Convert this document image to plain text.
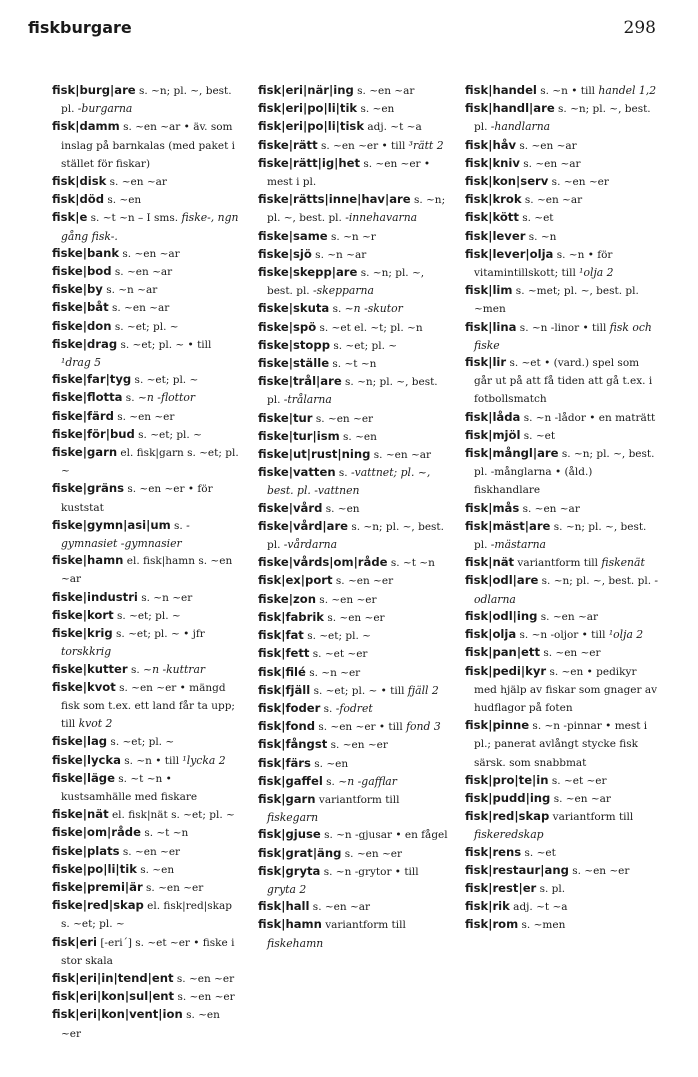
fiskburgare	298

fisk|burg|are s. ~n; pl. ~, best. pl. -burgarna

fisk|damm s. ~en ~ar • äv. som inslag på barnkalas (med paket i stället för fiskar)

fisk|disk s. ~en ~ar

fisk|död s. ~en

fisk|e s. ~t ~n – I sms. fiske-, ngn gång fisk-.

fiske|bank s. ~en ~ar

fiske|bod s. ~en ~ar

fiske|by s. ~n ~ar

fiske|båt s. ~en ~ar

fiske|don s. ~et; pl. ~

fiske|drag s. ~et; pl. ~ • till ¹drag 5

fiske|far|tyg s. ~et; pl. ~

fiske|flotta s. ~n -flottor

fiske|färd s. ~en ~er

fiske|för|bud s. ~et; pl. ~

fiske|garn el. fisk|garn s. ~et; pl. ~

fiske|gräns s. ~en ~er • för kuststat

fiske|gymn|asi|um s. -gymnasiet -gymnasier

fiske|hamn el. fisk|hamn s. ~en ~ar

fiske|industri s. ~n ~er

fiske|kort s. ~et; pl. ~

fiske|krig s. ~et; pl. ~ • jfr torskkrig

fiske|kutter s. ~n -kuttrar

fiske|kvot s. ~en ~er • mängd fisk som t.ex. ett land får ta upp; till kvot 2

fiske|lag s. ~et; pl. ~

fiske|lycka s. ~n • till ¹lycka 2

fiske|läge s. ~t ~n • kustsamhälle med fiskare

fiske|nät el. fisk|nät s. ~et; pl. ~

fiske|om|råde s. ~t ~n

fiske|plats s. ~en ~er

fiske|po|li|tik s. ~en

fiske|premi|är s. ~en ~er

fiske|red|skap el. fisk|red|skap s. ~et; pl. ~

fisk|eri [-eri´] s. ~et ~er • fiske i stor skala

fisk|eri|in|tend|ent s. ~en ~er

fisk|eri|kon|sul|ent s. ~en ~er

fisk|eri|kon|vent|ion s. ~en ~er

fisk|eri|när|ing s. ~en ~ar

fisk|eri|po|li|tik s. ~en

fisk|eri|po|li|tisk adj. ~t ~a

fiske|rätt s. ~en ~er • till ³rätt 2

fiske|rätt|ig|het s. ~en ~er • mest i pl.

fiske|rätts|inne|hav|are s. ~n; pl. ~, best. pl. -innehavarna

fiske|same s. ~n ~r

fiske|sjö s. ~n ~ar

fiske|skepp|are s. ~n; pl. ~, best. pl. -skepparna

fiske|skuta s. ~n -skutor

fiske|spö s. ~et el. ~t; pl. ~n

fiske|stopp s. ~et; pl. ~

fiske|ställe s. ~t ~n

fiske|trål|are s. ~n; pl. ~, best. pl. -trålarna

fiske|tur s. ~en ~er

fiske|tur|ism s. ~en

fiske|ut|rust|ning s. ~en ~ar

fiske|vatten s. -vattnet; pl. ~, best. pl. -vattnen

fiske|vård s. ~en

fiske|vård|are s. ~n; pl. ~, best. pl. -vårdarna

fiske|vårds|om|råde s. ~t ~n

fisk|ex|port s. ~en ~er

fiske|zon s. ~en ~er

fisk|fabrik s. ~en ~er

fisk|fat s. ~et; pl. ~

fisk|fett s. ~et ~er

fisk|filé s. ~n ~er

fisk|fjäll s. ~et; pl. ~ • till fjäll 2

fisk|foder s. -fodret

fisk|fond s. ~en ~er • till fond 3

fisk|fångst s. ~en ~er

fisk|färs s. ~en

fisk|gaffel s. ~n -gafflar

fisk|garn variantform till fiskegarn

fisk|gjuse s. ~n -gjusar • en fågel

fisk|grat|äng s. ~en ~er

fisk|gryta s. ~n -grytor • till gryta 2

fisk|hall s. ~en ~ar

fisk|hamn variantform till fiskehamn

fisk|handel s. ~n • till handel 1,2

fisk|handl|are s. ~n; pl. ~, best. pl. -handlarna

fisk|håv s. ~en ~ar

fisk|kniv s. ~en ~ar

fisk|kon|serv s. ~en ~er

fisk|krok s. ~en ~ar

fisk|kött s. ~et

fisk|lever s. ~n

fisk|lever|olja s. ~n • för vitamintillskott; till ¹olja 2

fisk|lim s. ~met; pl. ~, best. pl. ~men

fisk|lina s. ~n -linor • till fisk och fiske

fisk|lir s. ~et • (vard.) spel som går ut på att få tiden att gå t.ex. i fotbollsmatch

fisk|låda s. ~n -lådor • en maträtt

fisk|mjöl s. ~et

fisk|mångl|are s. ~n; pl. ~, best. pl. -månglarna • (åld.) fiskhandlare

fisk|mås s. ~en ~ar

fisk|mäst|are s. ~n; pl. ~, best. pl. -mästarna

fisk|nät variantform till fiskenät

fisk|odl|are s. ~n; pl. ~, best. pl. -odlarna

fisk|odl|ing s. ~en ~ar

fisk|olja s. ~n -oljor • till ¹olja 2

fisk|pan|ett s. ~en ~er

fisk|pedi|kyr s. ~en • pedikyr med hjälp av fiskar som gnager av hudflagor på foten

fisk|pinne s. ~n -pinnar • mest i pl.; panerat avlångt stycke fisk särsk. som snabbmat

fisk|pro|te|in s. ~et ~er

fisk|pudd|ing s. ~en ~ar

fisk|red|skap variantform till fiskeredskap

fisk|rens s. ~et

fisk|restaur|ang s. ~en ~er

fisk|rest|er s. pl.

fisk|rik adj. ~t ~a

fisk|rom s. ~men
